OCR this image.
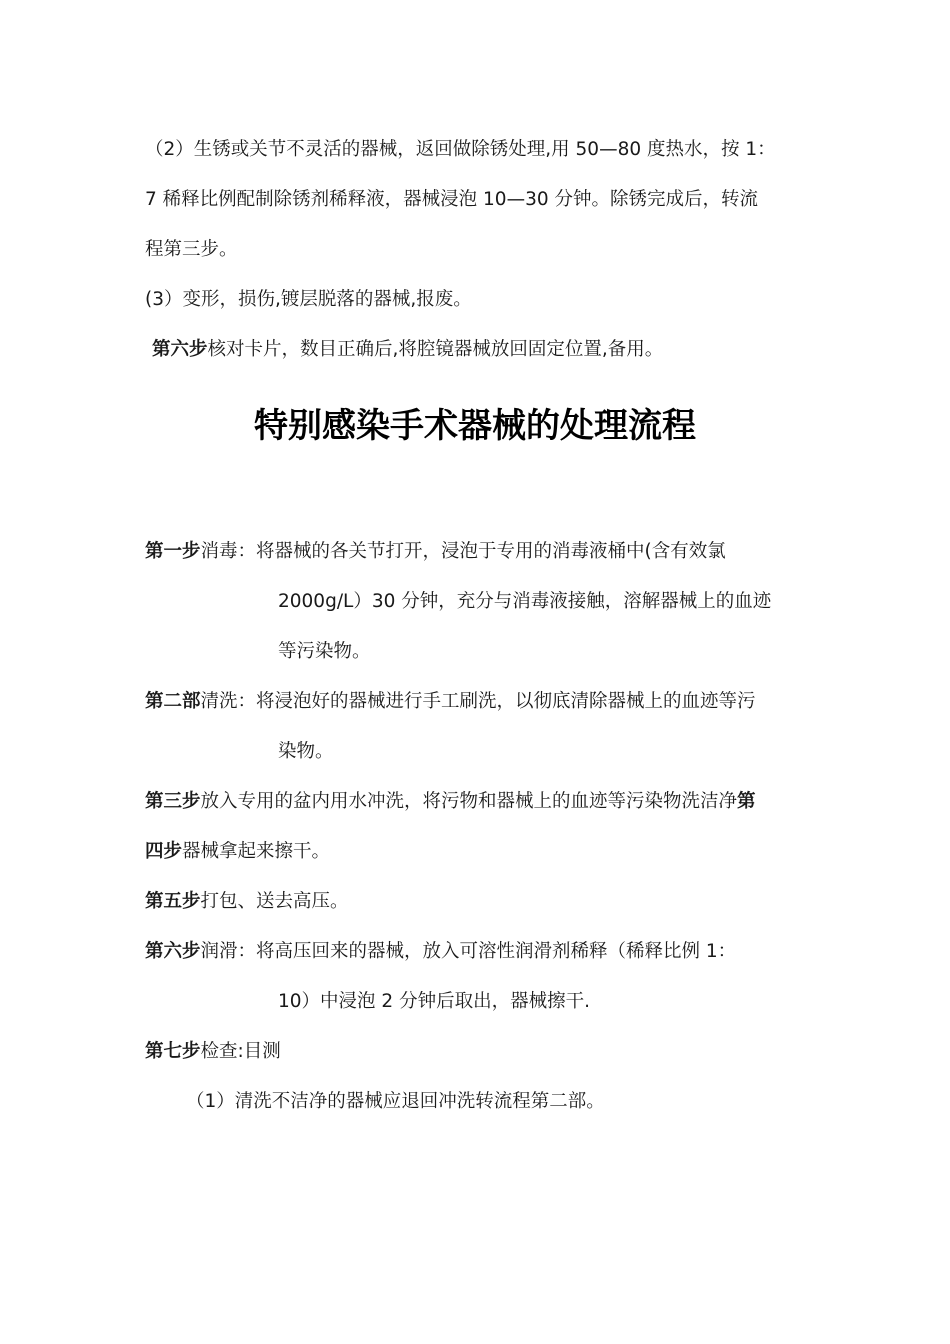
（2）生锈或关节不灵活的器械，返回做除锈处理,用 50—80 度热水，按 1：
7 稀释比例配制除锈剂稀释液，器械浸泡 10—30 分钟。除锈完成后，转流
程第三步。
(3）变形，损伤,镀层脱落的器械,报废。
第六步核对卡片，数目正确后,将腔镜器械放回固定位置,备用。
特别感染手术器械的处理流程
第一步消毒：将器械的各关节打开，浸泡于专用的消毒液桶中(含有效氯
2000g/L）30 分钟，充分与消毒液接触，溶解器械上的血迹
等污染物。
第二部清洗：将浸泡好的器械进行手工刷洗，以彻底清除器械上的血迹等污
染物。
第三步放入专用的盆内用水冲洗，将污物和器械上的血迹等污染物洗洁净第
四步器械拿起来擦干。
第五步打包、送去高压。
第六步润滑：将高压回来的器械，放入可溶性润滑剂稀释（稀释比例 1：
10）中浸泡 2 分钟后取出，器械擦干.
第七步检查:目测
（1）清洗不洁净的器械应退回冲洗转流程第二部。
